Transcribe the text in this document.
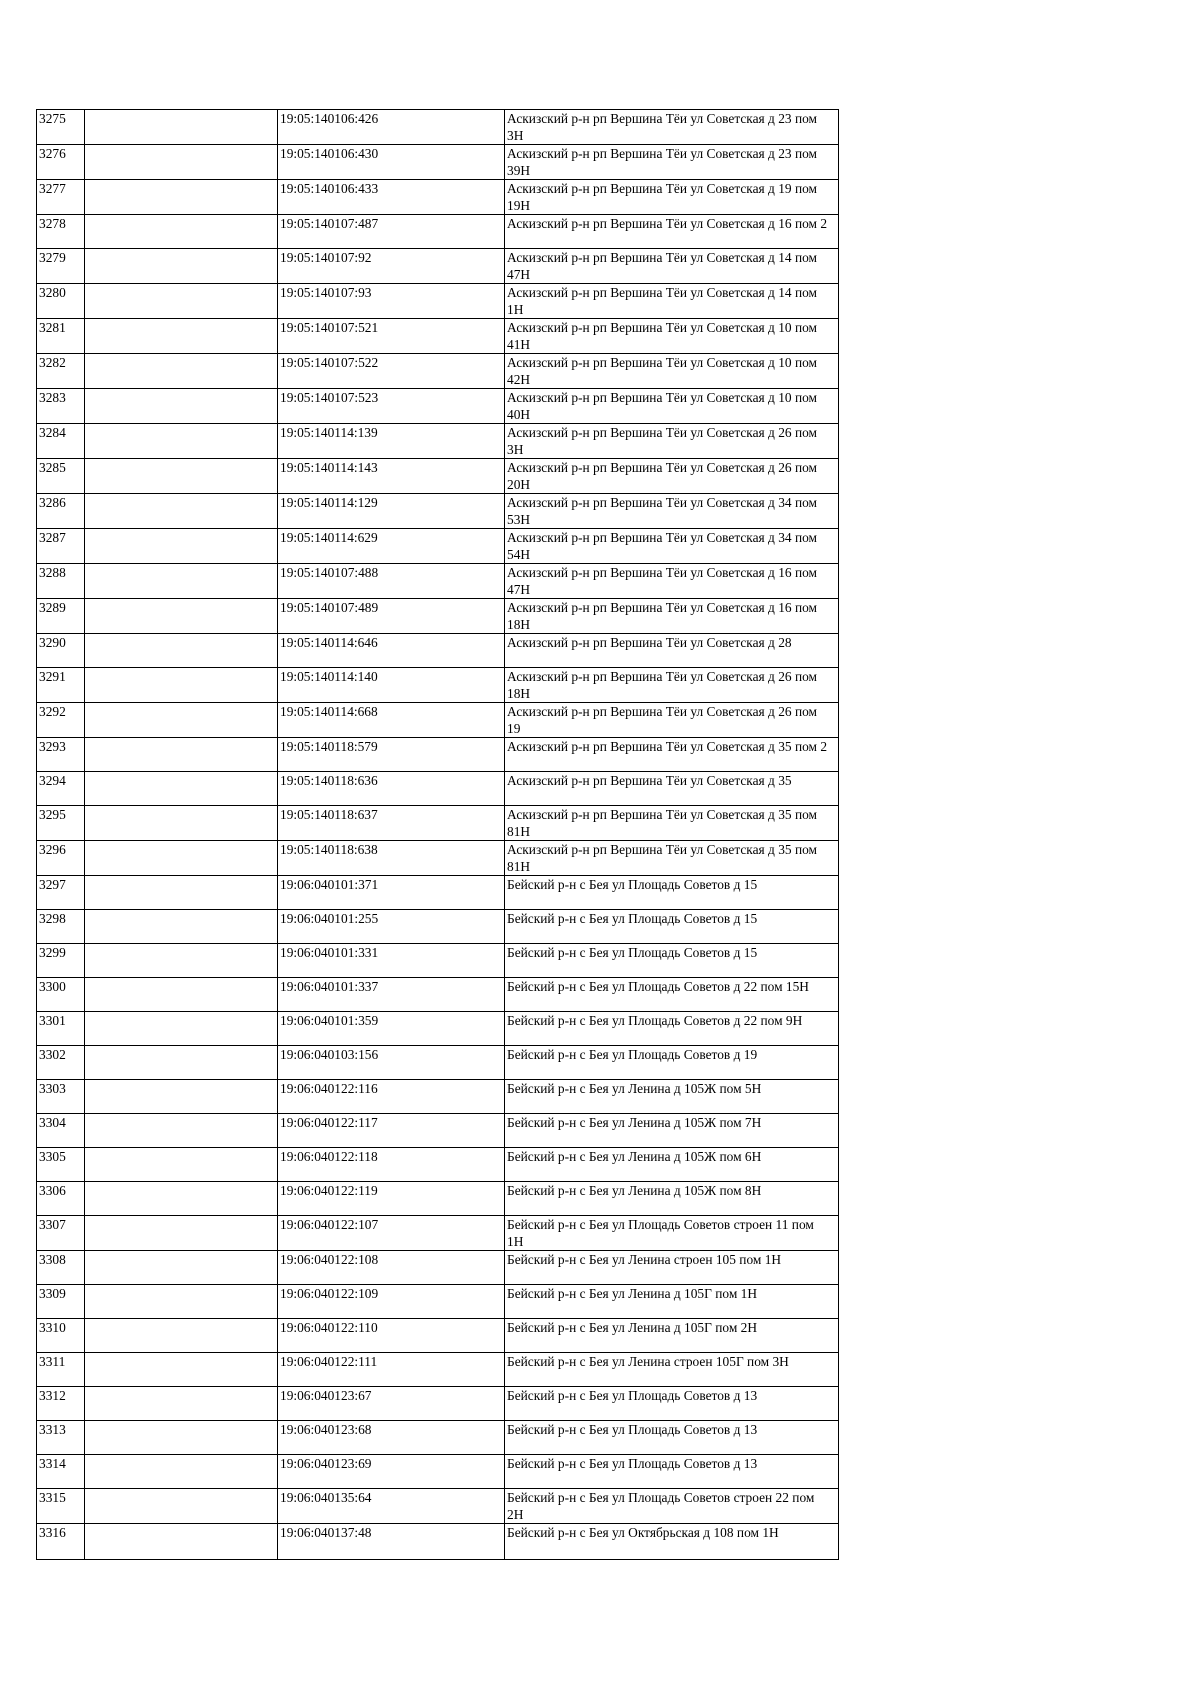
3275		19:05:140106:426	Аскизский р-н рп Вершина Тёи ул Советская д 23 пом 3Н
3276		19:05:140106:430	Аскизский р-н рп Вершина Тёи ул Советская д 23 пом 39Н
3277		19:05:140106:433	Аскизский р-н рп Вершина Тёи ул Советская д 19 пом 19Н
3278		19:05:140107:487	Аскизский р-н рп Вершина Тёи ул Советская д 16 пом 2
3279		19:05:140107:92	Аскизский р-н рп Вершина Тёи ул Советская д 14 пом 47Н
3280		19:05:140107:93	Аскизский р-н рп Вершина Тёи ул Советская д 14 пом 1Н
3281		19:05:140107:521	Аскизский р-н рп Вершина Тёи ул Советская д 10 пом 41Н
3282		19:05:140107:522	Аскизский р-н рп Вершина Тёи ул Советская д 10 пом 42Н
3283		19:05:140107:523	Аскизский р-н рп Вершина Тёи ул Советская д 10 пом 40Н
3284		19:05:140114:139	Аскизский р-н рп Вершина Тёи ул Советская д 26 пом 3Н
3285		19:05:140114:143	Аскизский р-н рп Вершина Тёи ул Советская д 26 пом 20Н
3286		19:05:140114:129	Аскизский р-н рп Вершина Тёи ул Советская д 34 пом 53Н
3287		19:05:140114:629	Аскизский р-н рп Вершина Тёи ул Советская д 34 пом 54Н
3288		19:05:140107:488	Аскизский р-н рп Вершина Тёи ул Советская д 16 пом 47Н
3289		19:05:140107:489	Аскизский р-н рп Вершина Тёи ул Советская д 16 пом 18Н
3290		19:05:140114:646	Аскизский р-н рп Вершина Тёи ул Советская д 28
3291		19:05:140114:140	Аскизский р-н рп Вершина Тёи ул Советская д 26 пом 18Н
3292		19:05:140114:668	Аскизский р-н рп Вершина Тёи ул Советская д 26 пом 19
3293		19:05:140118:579	Аскизский р-н рп Вершина Тёи ул Советская д 35 пом 2
3294		19:05:140118:636	Аскизский р-н рп Вершина Тёи ул Советская д 35
3295		19:05:140118:637	Аскизский р-н рп Вершина Тёи ул Советская д 35 пом 81Н
3296		19:05:140118:638	Аскизский р-н рп Вершина Тёи ул Советская д 35 пом 81Н
3297		19:06:040101:371	Бейский р-н с Бея ул Площадь Советов д 15
3298		19:06:040101:255	Бейский р-н с Бея ул Площадь Советов д 15
3299		19:06:040101:331	Бейский р-н с Бея ул Площадь Советов д 15
3300		19:06:040101:337	Бейский р-н с Бея ул Площадь Советов д 22 пом 15Н
3301		19:06:040101:359	Бейский р-н с Бея ул Площадь Советов д 22 пом 9Н
3302		19:06:040103:156	Бейский р-н с Бея ул Площадь Советов д 19
3303		19:06:040122:116	Бейский р-н с Бея ул Ленина д 105Ж пом 5Н
3304		19:06:040122:117	Бейский р-н с Бея ул Ленина д 105Ж пом 7Н
3305		19:06:040122:118	Бейский р-н с Бея ул Ленина д 105Ж пом 6Н
3306		19:06:040122:119	Бейский р-н с Бея ул Ленина д 105Ж пом 8Н
3307		19:06:040122:107	Бейский р-н с Бея ул Площадь Советов строен 11 пом 1Н
3308		19:06:040122:108	Бейский р-н с Бея ул Ленина строен 105 пом 1Н
3309		19:06:040122:109	Бейский р-н с Бея ул Ленина д 105Г пом 1Н
3310		19:06:040122:110	Бейский р-н с Бея ул Ленина д 105Г пом 2Н
3311		19:06:040122:111	Бейский р-н с Бея ул Ленина строен 105Г пом 3Н
3312		19:06:040123:67	Бейский р-н с Бея ул Площадь Советов д 13
3313		19:06:040123:68	Бейский р-н с Бея ул Площадь Советов д 13
3314		19:06:040123:69	Бейский р-н с Бея ул Площадь Советов д 13
3315		19:06:040135:64	Бейский р-н с Бея ул Площадь Советов строен 22 пом 2Н
3316		19:06:040137:48	Бейский р-н с Бея ул Октябрьская д 108 пом 1Н
